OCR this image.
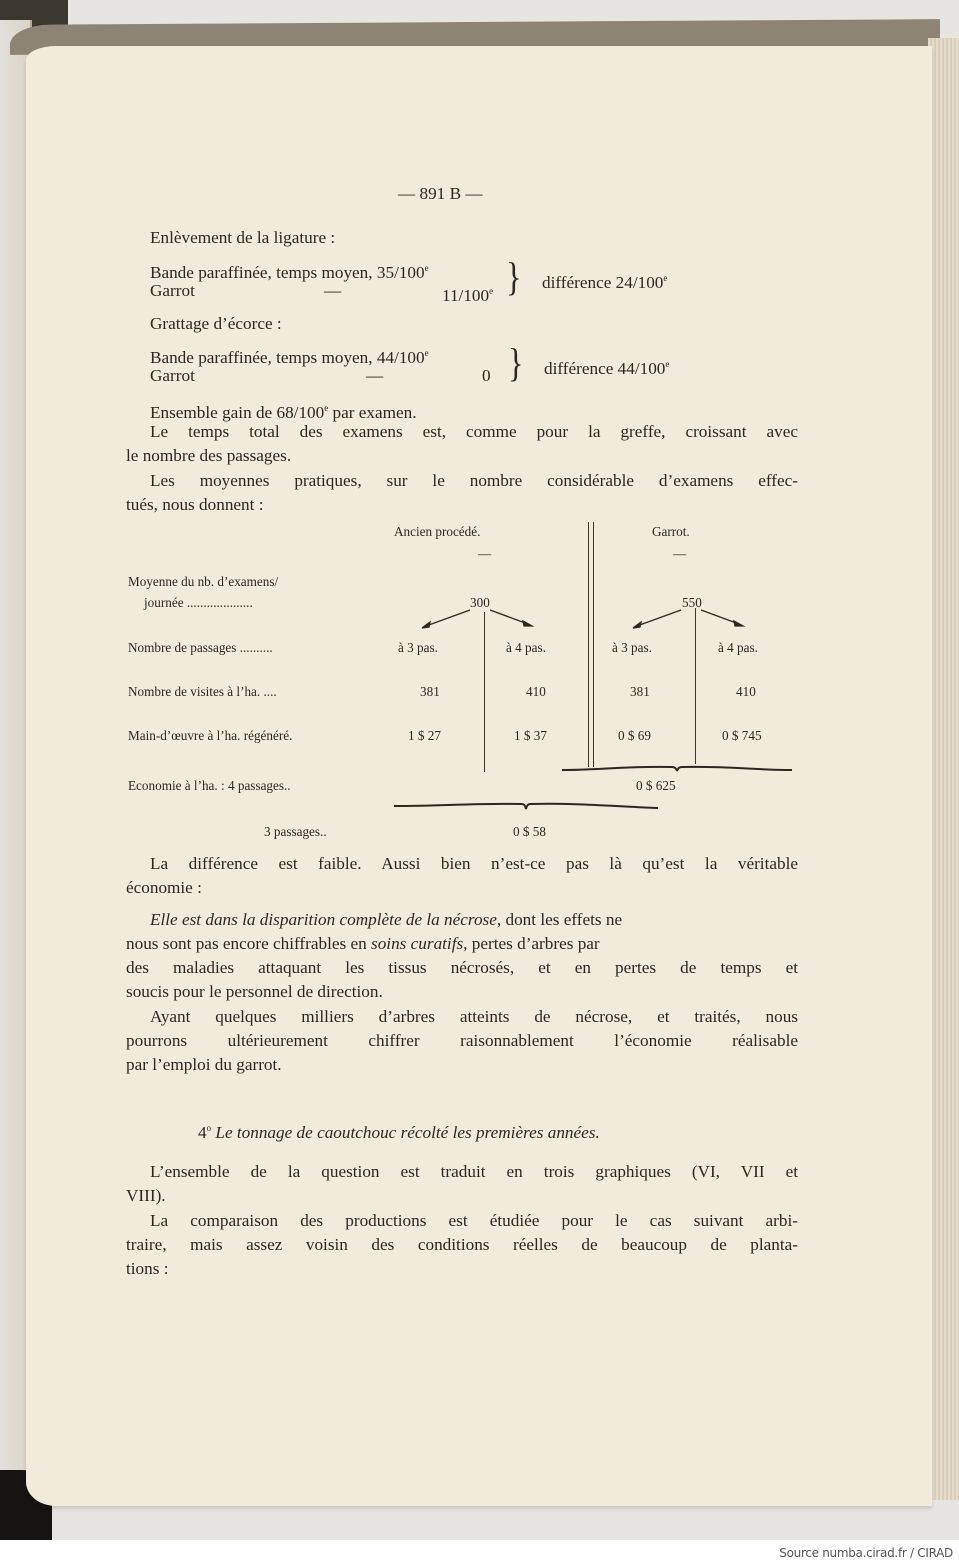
— 891 B —
Enlèvement de la ligature :
Bande paraffinée, temps moyen, 35/100e
Garrot	—	11/100e } différence 24/100e
Grattage d’écorce :
Bande paraffinée, temps moyen, 44/100e
Garrot	—	0 } différence 44/100e
Ensemble gain de 68/100e par examen.
Le temps total des examens est, comme pour la greffe, croissant avec
le nombre des passages.
Les moyennes pratiques, sur le nombre considérable d’examens effec-
tués, nous donnent :
Ancien procédé.	Garrot.
—	—
Moyenne du nb. d’examens/
journée ....................	300	550
Nombre de passages ..........	à 3 pas.	à 4 pas.	à 3 pas.	à 4 pas.
Nombre de visites à l’ha. ....	381	410	381	410
Main-d’œuvre à l’ha. régénéré.	1 $ 27	1 $ 37	0 $ 69	0 $ 745
Economie à l’ha. : 4 passages..	0 $ 625
3 passages..	0 $ 58
La différence est faible. Aussi bien n’est-ce pas là qu’est la véritable
économie :
Elle est dans la disparition complète de la nécrose, dont les effets ne
nous sont pas encore chiffrables en soins curatifs, pertes d’arbres par
des maladies attaquant les tissus nécrosés, et en pertes de temps et
soucis pour le personnel de direction.
Ayant quelques milliers d’arbres atteints de nécrose, et traités, nous
pourrons ultérieurement chiffrer raisonnablement l’économie réalisable
par l’emploi du garrot.
4$^o$ Le tonnage de caoutchouc récolté les premières années.
L’ensemble de la question est traduit en trois graphiques (VI, VII et
VIII).
La comparaison des productions est étudiée pour le cas suivant arbi-
traire, mais assez voisin des conditions réelles de beaucoup de planta-
tions :
Source numba.cirad.fr / CIRAD
